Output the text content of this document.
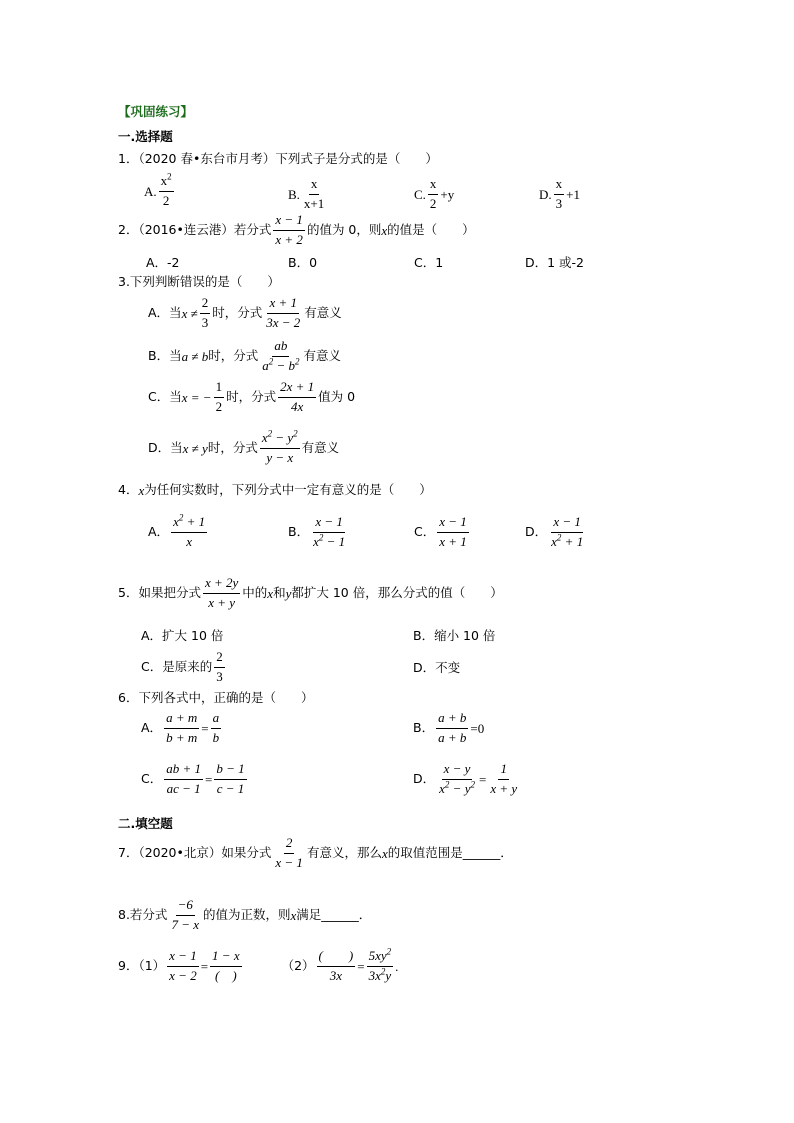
【巩固练习】
一.选择题
1．（2020 春•东台市月考）下列式子是分式的是（　　）
A. $\frac{x^2}{2}$	B. $\frac{x}{x+1}$	C. $\frac{x}{2} +y$	D. $\frac{x}{3} +1$
2．（2016•连云港）若分式 $\frac{x - 1}{x + 2}$ 的值为 0，则 x 的值是（　　）
A．-2	B．0	C．1	D．1 或-2
3.下列判断错误的是（　　）
A．当 $x \ne \frac{2}{3}$ 时，分式 $\frac{x + 1}{3x - 2}$ 有意义
B．当 a ≠ b 时，分式 $\frac{ab}{a^2 - b^2}$ 有意义
C．当 x = − $\frac{1}{2}$ 时，分式 $\frac{2x + 1}{4x}$ 值为 0
D．当 x ≠ y 时，分式 $\frac{x^2 - y^2}{y - x}$ 有意义
4． x 为任何实数时，下列分式中一定有意义的是（　　）
A． $\frac{x^2 + 1}{x}$	B． $\frac{x - 1}{x^2 - 1}$	C． $\frac{x - 1}{x + 1}$	D． $\frac{x - 1}{x^2 + 1}$
5．如果把分式 $\frac{x + 2y}{x + y}$ 中的 x 和 y 都扩大 10 倍，那么分式的值（　　）
A．扩大 10 倍	B．缩小 10 倍
C．是原来的 $\frac{2}{3}$	D．不变
6．下列各式中，正确的是（　　）
A． $\frac{a + m}{b + m} = \frac{a}{b}$	B． $\frac{a + b}{a + b} = 0$
C． $\frac{ab + 1}{ac - 1} = \frac{b - 1}{c - 1}$	D． $\frac{x - y}{x^2 - y^2} = \frac{1}{x + y}$
二.填空题
7．（2020•北京）如果分式 $\frac{2}{x - 1}$ 有意义，那么 x 的取值范围是______．
8.若分式 $\frac{-6}{7 - x}$ 的值为正数，则 x 满足______．
9．$(1) \frac{x - 1}{x - 2} = \frac{1 - x}{( )}$	$(2) \frac{( )}{3x} = \frac{5xy^2}{3x^2y}$ .
